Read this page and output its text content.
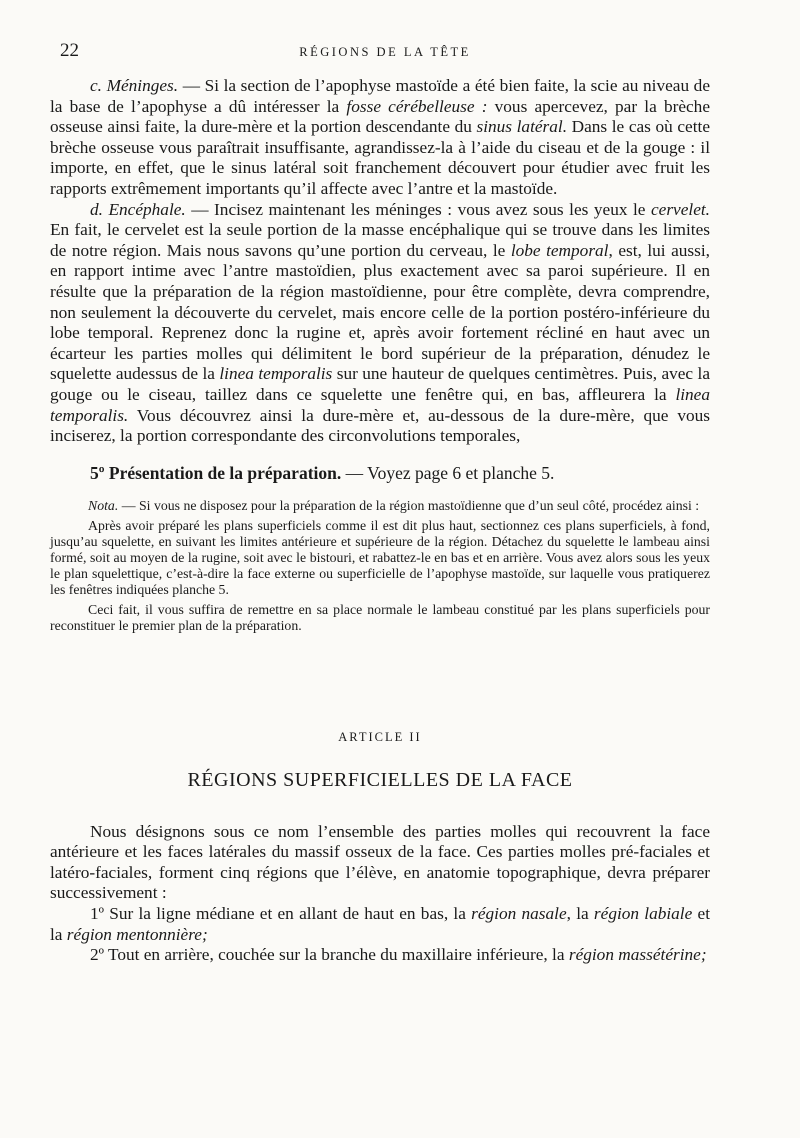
22	RÉGIONS DE LA TÊTE

c. Méninges. — Si la section de l’apophyse mastoïde a été bien faite, la scie au niveau de la base de l’apophyse a dû intéresser la fosse cérébelleuse : vous apercevez, par la brèche osseuse ainsi faite, la dure-mère et la portion descendante du sinus latéral. Dans le cas où cette brèche osseuse vous paraîtrait insuffisante, agrandissez-la à l’aide du ciseau et de la gouge : il importe, en effet, que le sinus latéral soit franchement découvert pour étudier avec fruit les rapports extrêmement importants qu’il affecte avec l’antre et la mastoïde.

d. Encéphale. — Incisez maintenant les méninges : vous avez sous les yeux le cervelet. En fait, le cervelet est la seule portion de la masse encéphalique qui se trouve dans les limites de notre région. Mais nous savons qu’une portion du cerveau, le lobe temporal, est, lui aussi, en rapport intime avec l’antre mastoïdien, plus exactement avec sa paroi supérieure. Il en résulte que la préparation de la région mastoïdienne, pour être complète, devra comprendre, non seulement la découverte du cervelet, mais encore celle de la portion postéro-inférieure du lobe temporal. Reprenez donc la rugine et, après avoir fortement récliné en haut avec un écarteur les parties molles qui délimitent le bord supérieur de la préparation, dénudez le squelette audessus de la linea temporalis sur une hauteur de quelques centimètres. Puis, avec la gouge ou le ciseau, taillez dans ce squelette une fenêtre qui, en bas, affleurera la linea temporalis. Vous découvrez ainsi la dure-mère et, au-dessous de la dure-mère, que vous inciserez, la portion correspondante des circonvolutions temporales,

5º Présentation de la préparation. — Voyez page 6 et planche 5.

Nota. — Si vous ne disposez pour la préparation de la région mastoïdienne que d’un seul côté, procédez ainsi :

Après avoir préparé les plans superficiels comme il est dit plus haut, sectionnez ces plans superficiels, à fond, jusqu’au squelette, en suivant les limites antérieure et supérieure de la région. Détachez du squelette le lambeau ainsi formé, soit au moyen de la rugine, soit avec le bistouri, et rabattez-le en bas et en arrière. Vous avez alors sous les yeux le plan squelettique, c’est-à-dire la face externe ou superficielle de l’apophyse mastoïde, sur laquelle vous pratiquerez les fenêtres indiquées planche 5.

Ceci fait, il vous suffira de remettre en sa place normale le lambeau constitué par les plans superficiels pour reconstituer le premier plan de la préparation.

ARTICLE II
RÉGIONS SUPERFICIELLES DE LA FACE

Nous désignons sous ce nom l’ensemble des parties molles qui recouvrent la face antérieure et les faces latérales du massif osseux de la face. Ces parties molles pré-faciales et latéro-faciales, forment cinq régions que l’élève, en anatomie topographique, devra préparer successivement :

1º Sur la ligne médiane et en allant de haut en bas, la région nasale, la région labiale et la région mentonnière;

2º Tout en arrière, couchée sur la branche du maxillaire inférieure, la région massétérine;
